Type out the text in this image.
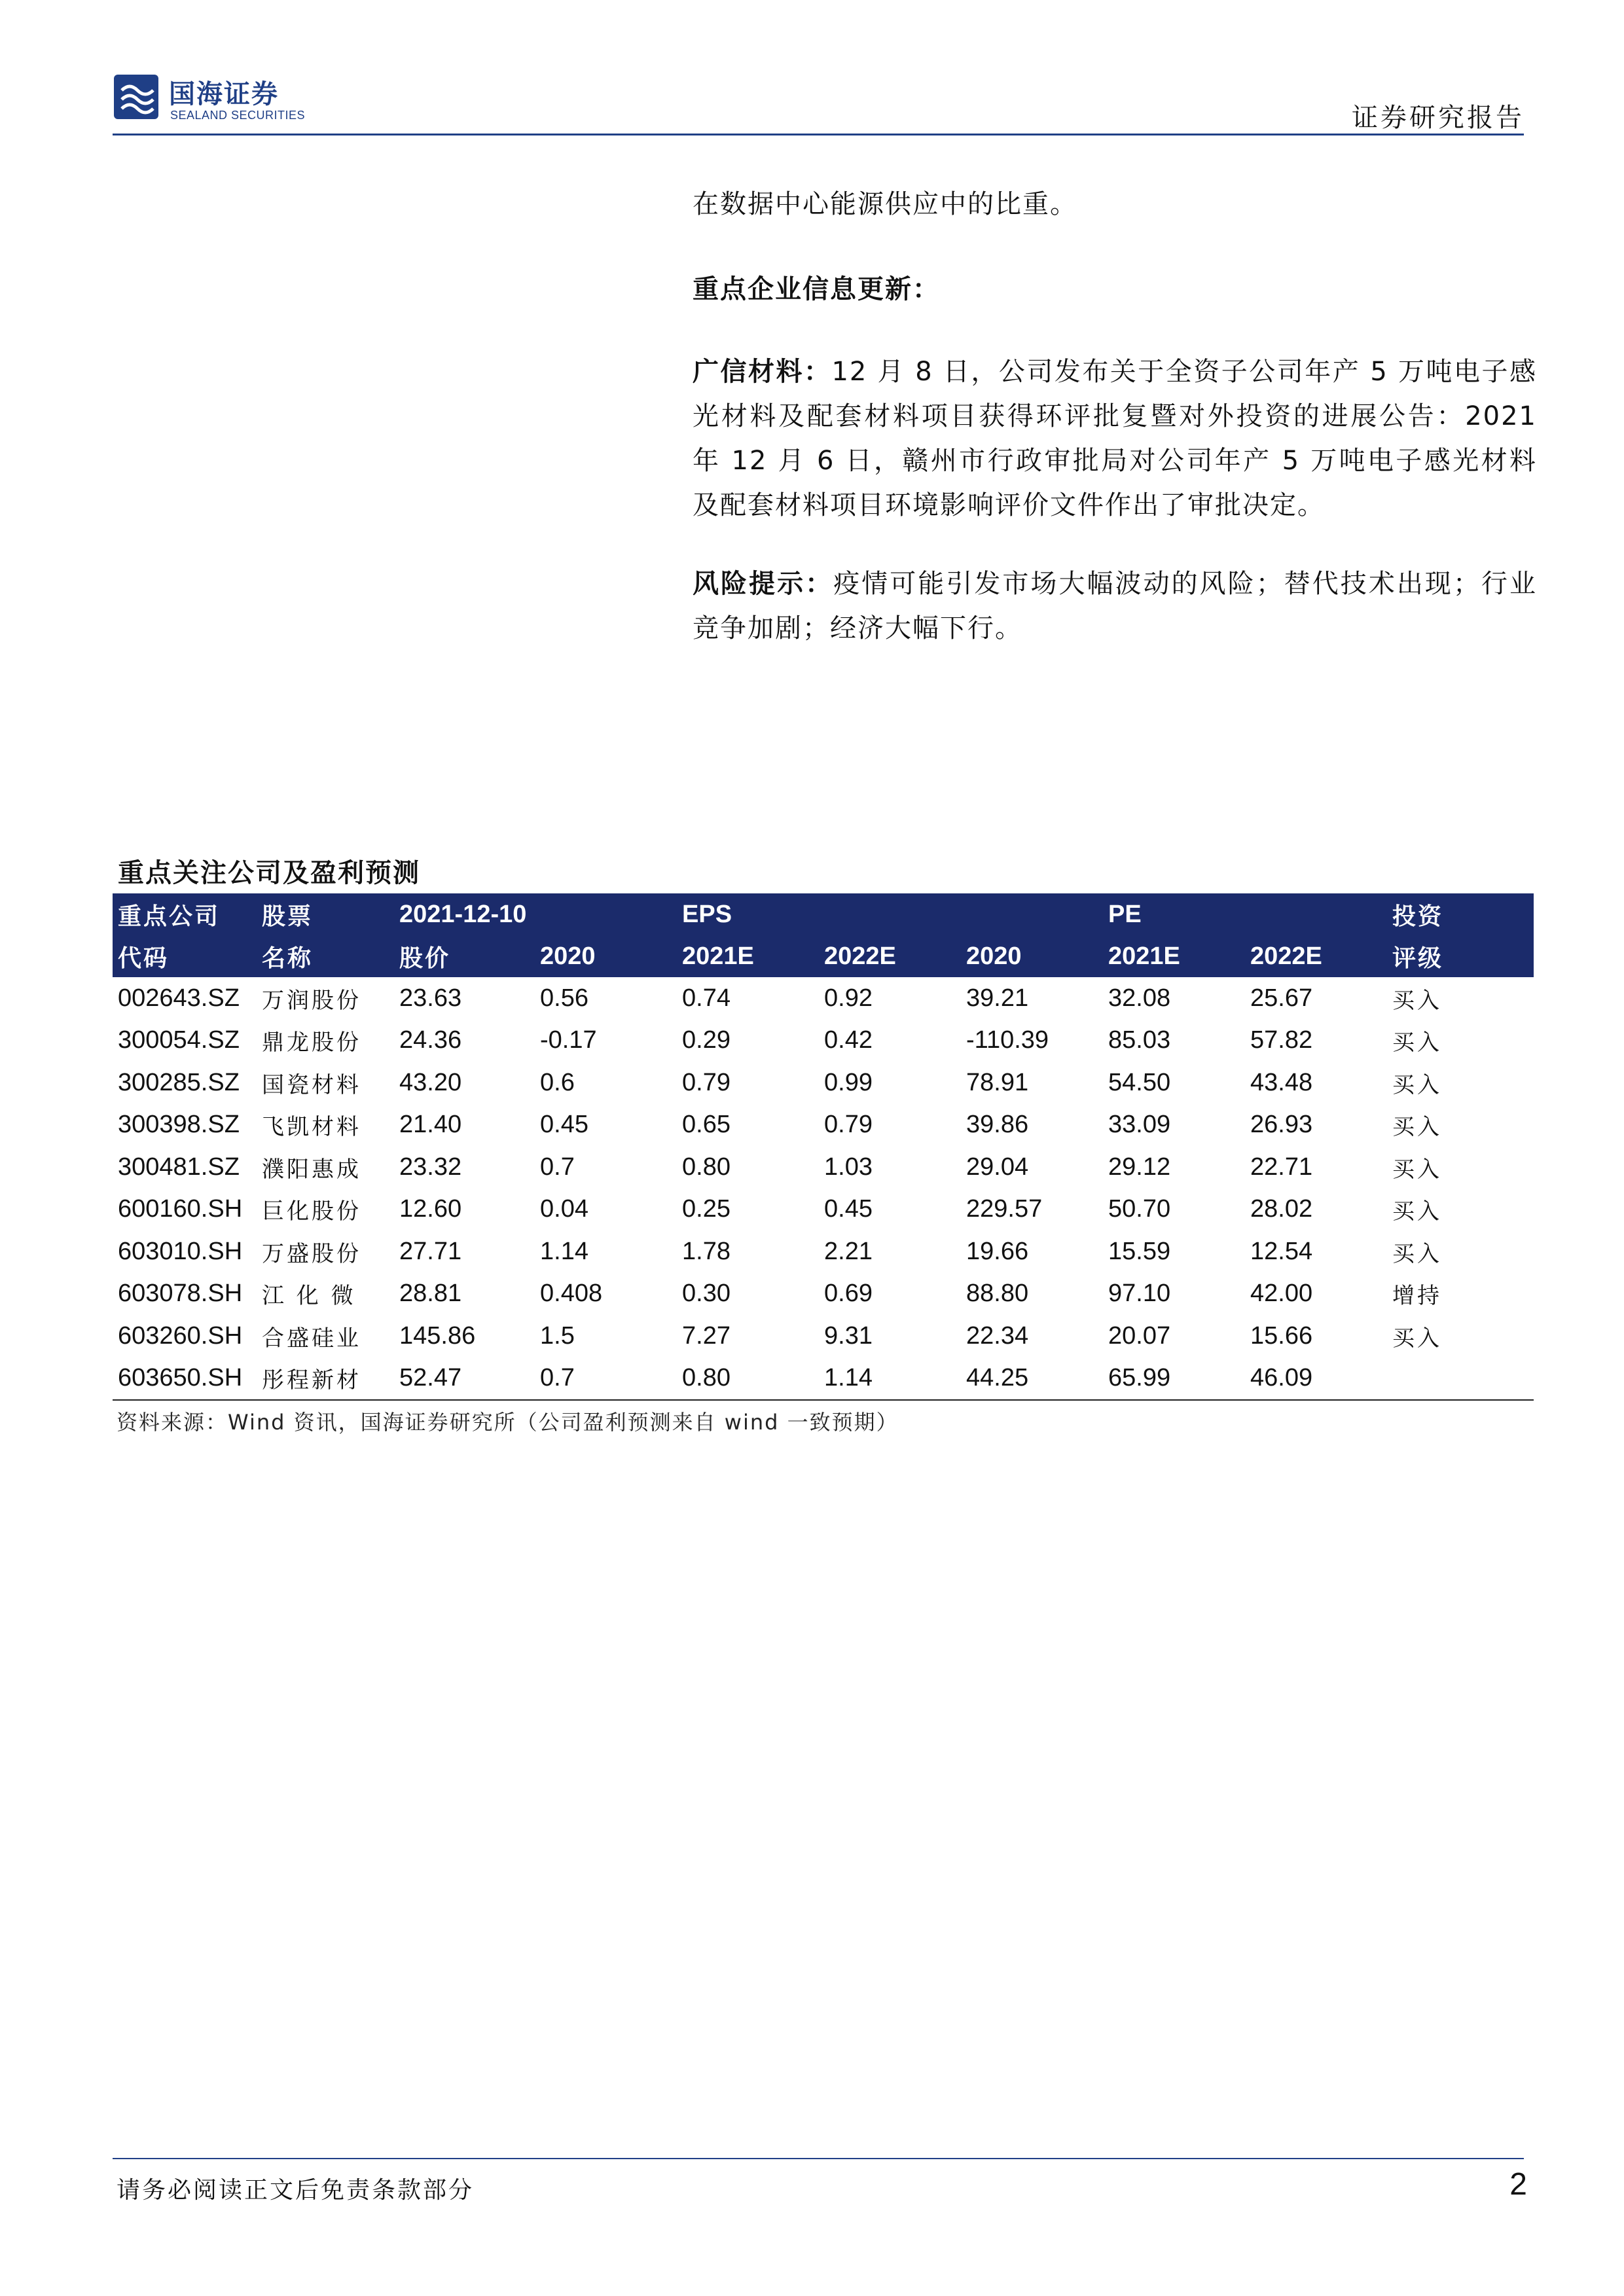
国海证券
SEALAND SECURITIES	证券研究报告
在数据中心能源供应中的比重。
重点企业信息更新：
广信材料：12 月 8 日，公司发布关于全资子公司年产 5 万吨电子感光材料及配套材料项目获得环评批复暨对外投资的进展公告：2021 年 12 月 6 日，赣州市行政审批局对公司年产 5 万吨电子感光材料及配套材料项目环境影响评价文件作出了审批决定。
风险提示：疫情可能引发市场大幅波动的风险；替代技术出现；行业竞争加剧；经济大幅下行。
重点关注公司及盈利预测
重点公司	股票	2021-12-10		EPS			PE		投资
代码	名称	股价	2020	2021E	2022E	2020	2021E	2022E	评级
002643.SZ	万润股份	23.63	0.56	0.74	0.92	39.21	32.08	25.67	买入
300054.SZ	鼎龙股份	24.36	-0.17	0.29	0.42	-110.39	85.03	57.82	买入
300285.SZ	国瓷材料	43.20	0.6	0.79	0.99	78.91	54.50	43.48	买入
300398.SZ	飞凯材料	21.40	0.45	0.65	0.79	39.86	33.09	26.93	买入
300481.SZ	濮阳惠成	23.32	0.7	0.80	1.03	29.04	29.12	22.71	买入
600160.SH	巨化股份	12.60	0.04	0.25	0.45	229.57	50.70	28.02	买入
603010.SH	万盛股份	27.71	1.14	1.78	2.21	19.66	15.59	12.54	买入
603078.SH	江 化 微	28.81	0.408	0.30	0.69	88.80	97.10	42.00	增持
603260.SH	合盛硅业	145.86	1.5	7.27	9.31	22.34	20.07	15.66	买入
603650.SH	彤程新材	52.47	0.7	0.80	1.14	44.25	65.99	46.09	
资料来源：Wind 资讯，国海证券研究所（公司盈利预测来自 wind 一致预期）
请务必阅读正文后免责条款部分	2
